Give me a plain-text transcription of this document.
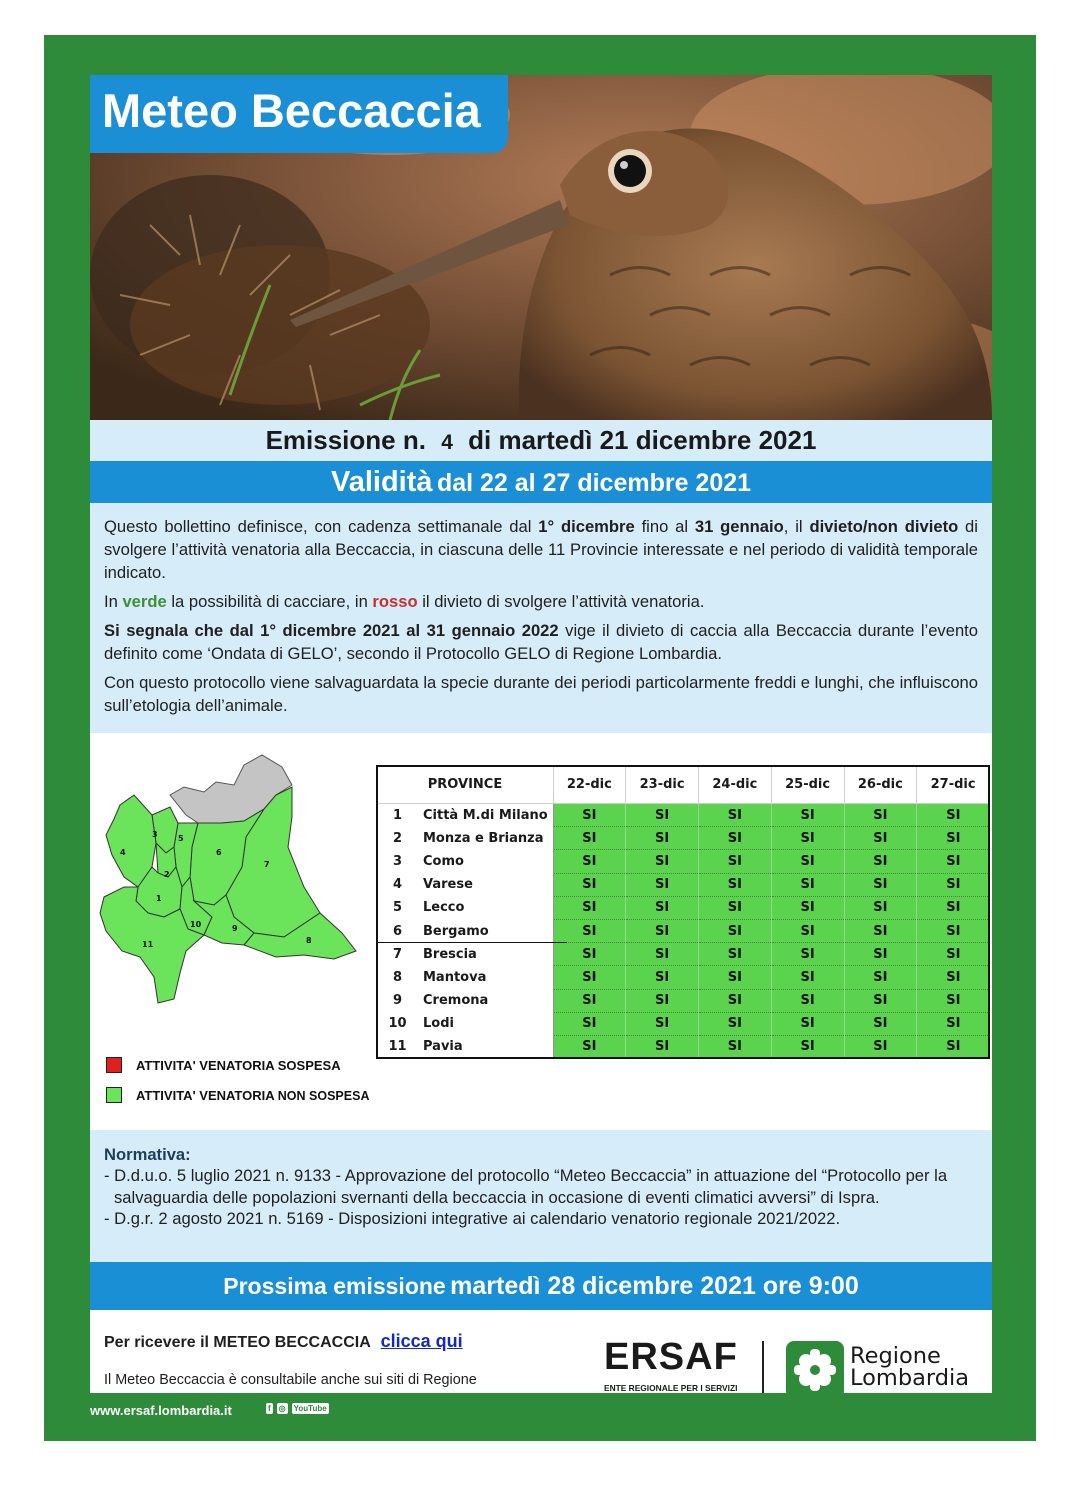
Meteo Beccaccia
Emissione n. 4 di martedì 21 dicembre 2021
Validità dal 22 al 27 dicembre 2021

Questo bollettino definisce, con cadenza settimanale dal 1° dicembre fino al 31 gennaio, il divieto/non divieto di svolgere l’attività venatoria alla Beccaccia, in ciascuna delle 11 Provincie interessate e nel periodo di validità temporale indicato.

In verde la possibilità di cacciare, in rosso il divieto di svolgere l’attività venatoria.

Si segnala che dal 1° dicembre 2021 al 31 gennaio 2022 vige il divieto di caccia alla Beccaccia durante l’evento definito come ‘Ondata di GELO’, secondo il Protocollo GELO di Regione Lombardia.

Con questo protocollo viene salvaguardata la specie durante dei periodi particolarmente freddi e lunghi, che influiscono sull’etologia dell’animale.

1
2
3
4
5
6
7
8
9
10
11
ATTIVITA' VENATORIA SOSPESA
ATTIVITA' VENATORIA NON SOSPESA
PROVINCE		22-dic	23-dic	24-dic	25-dic	26-dic	27-dic
1	Città M.di Milano	SI	SI	SI	SI	SI	SI
2	Monza e Brianza	SI	SI	SI	SI	SI	SI
3	Como	SI	SI	SI	SI	SI	SI
4	Varese	SI	SI	SI	SI	SI	SI
5	Lecco	SI	SI	SI	SI	SI	SI
6	Bergamo	SI	SI	SI	SI	SI	SI
7	Brescia	SI	SI	SI	SI	SI	SI
8	Mantova	SI	SI	SI	SI	SI	SI
9	Cremona	SI	SI	SI	SI	SI	SI
10	Lodi	SI	SI	SI	SI	SI	SI
11	Pavia	SI	SI	SI	SI	SI	SI
Normativa:
- D.d.u.o. 5 luglio 2021 n. 9133 - Approvazione del protocollo “Meteo Beccaccia” in attuazione del “Protocollo per la salvaguardia delle popolazioni svernanti della beccaccia in occasione di eventi climatici avversi” di Ispra.
- D.g.r. 2 agosto 2021 n. 5169 - Disposizioni integrative ai calendario venatorio regionale 2021/2022.
Prossima emissione martedì 28 dicembre 2021 ore 9:00
Per ricevere il METEO BECCACCIA clicca qui
Il Meteo Beccaccia è consultabile anche sui siti di Regione
ERSAF
ENTE REGIONALE PER I SERVIZI
Regione
Lombardia
www.ersaf.lombardia.it	f ◎ YouTube
